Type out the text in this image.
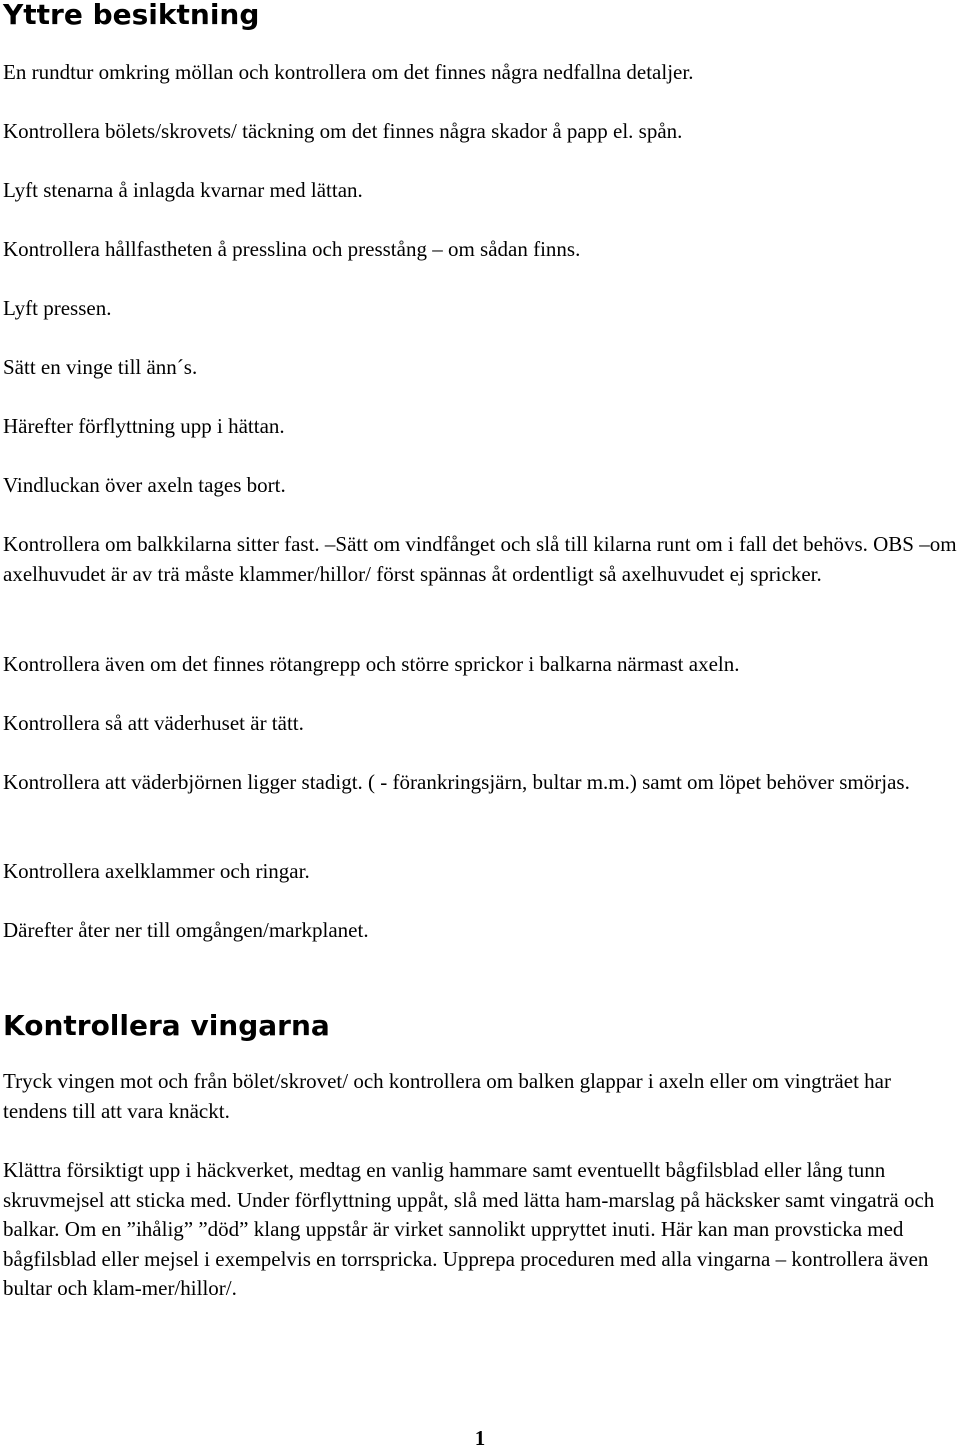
Yttre besiktning

En rundtur omkring möllan och kontrollera om det finnes några nedfallna detaljer.

Kontrollera bölets/skrovets/ täckning om det finnes några skador å papp el. spån.

Lyft stenarna å inlagda kvarnar med lättan.

Kontrollera hållfastheten å presslina och presstång – om sådan finns.

Lyft pressen.

Sätt en vinge till änn´s.

Härefter förflyttning upp i hättan.

Vindluckan över axeln tages bort.

Kontrollera om balkkilarna sitter fast. –Sätt om vindfånget och slå till kilarna runt om i fall det behövs. OBS –om axelhuvudet är av trä måste klammer/hillor/ först spännas åt ordentligt så axelhuvudet ej spricker.

Kontrollera även om det finnes rötangrepp och större sprickor i balkarna närmast axeln.

Kontrollera så att väderhuset är tätt.

Kontrollera att väderbjörnen ligger stadigt. ( - förankringsjärn, bultar m.m.) samt om löpet behöver smörjas.

Kontrollera axelklammer och ringar.

Därefter åter ner till omgången/markplanet.

Kontrollera vingarna

Tryck vingen mot och från bölet/skrovet/ och kontrollera om balken glappar i axeln eller om vingträet har tendens till att vara knäckt.

Klättra försiktigt upp i häckverket, medtag en vanlig hammare samt eventuellt bågfilsblad eller lång tunn skruvmejsel att sticka med. Under förflyttning uppåt, slå med lätta ham-marslag på häcksker samt vingaträ och balkar. Om en ”ihålig” ”död” klang uppstår är virket sannolikt upprуttet inuti. Här kan man provsticka med bågfilsblad eller mejsel i exempelvis en torrspricka. Upprepa proceduren med alla vingarna – kontrollera även bultar och klam-mer/hillor/.

1
